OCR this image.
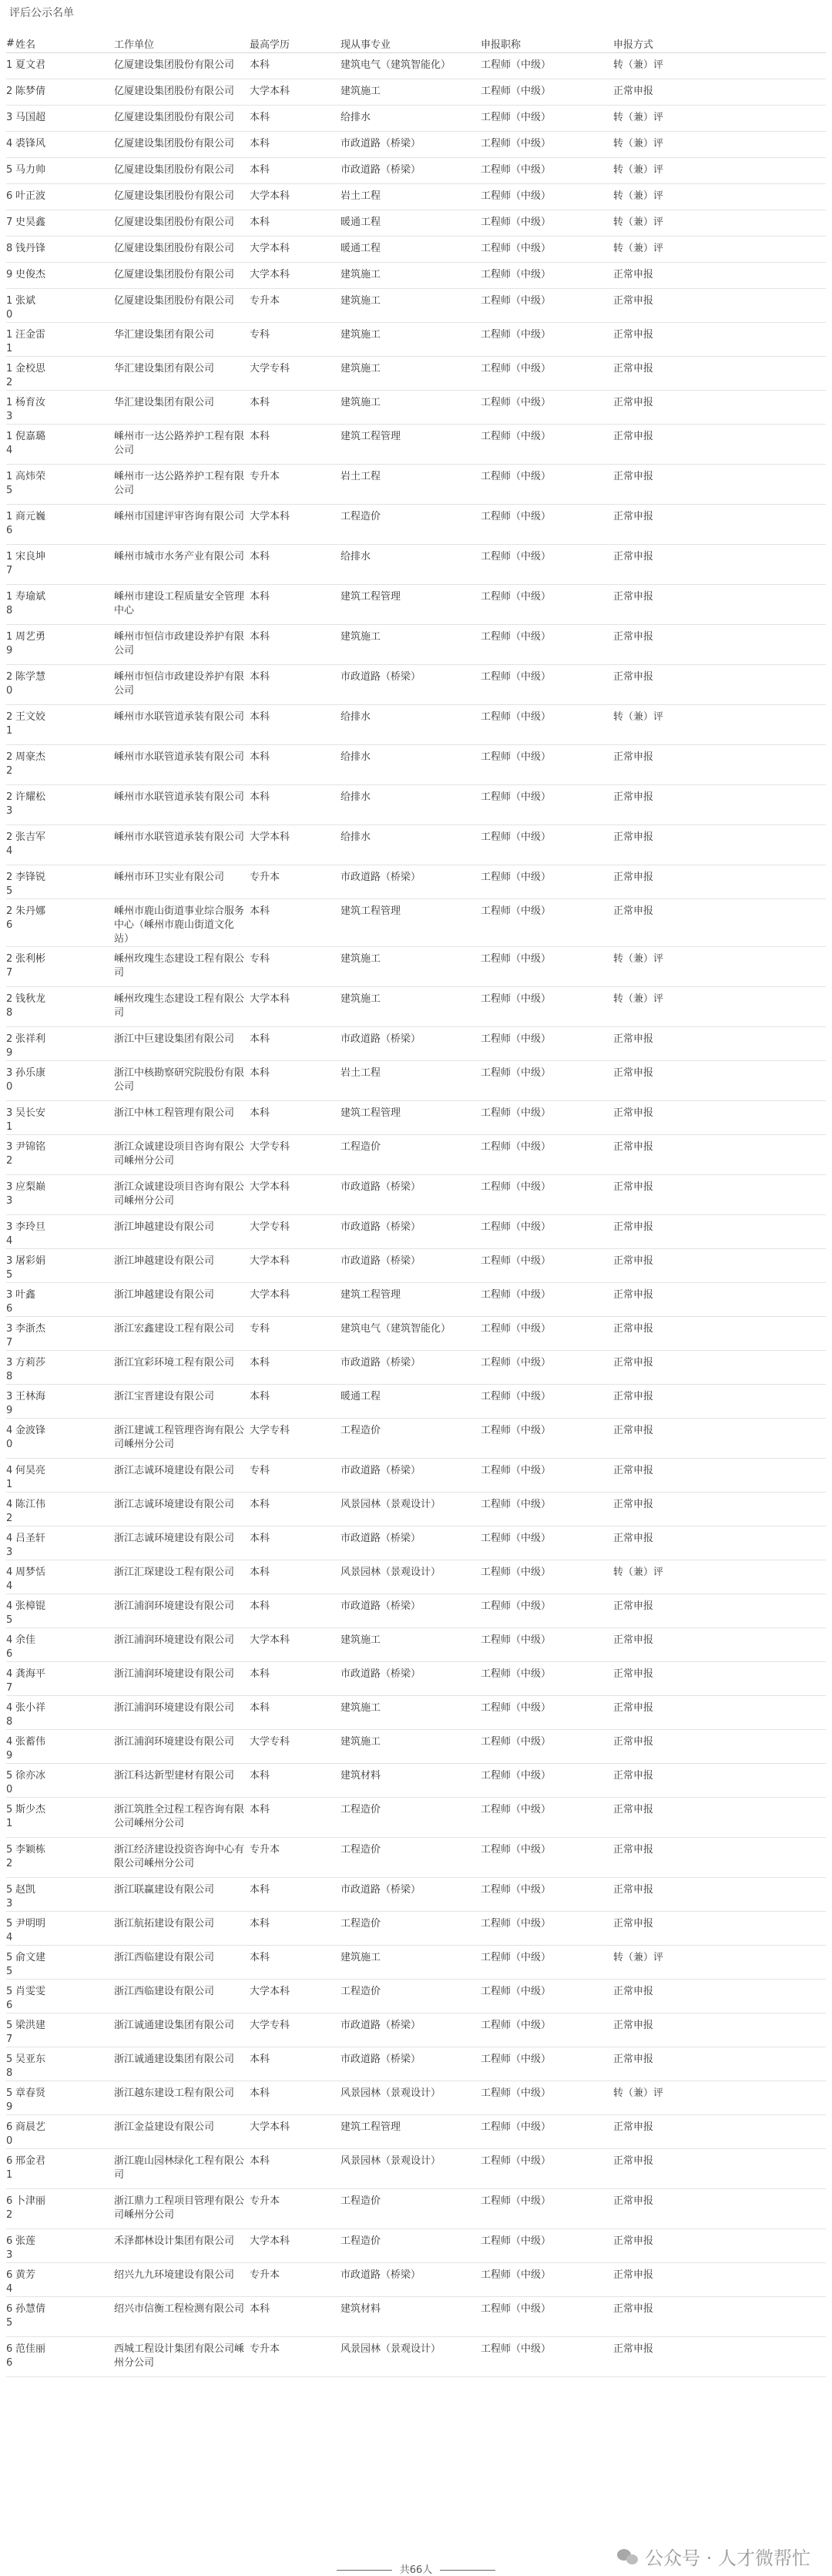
评后公示名单
#	姓名	工作单位	最高学历	现从事专业	申报职称	申报方式
1	夏文君	亿厦建设集团股份有限公司	本科	建筑电气（建筑智能化）	工程师（中级）	转（兼）评
2	陈梦倩	亿厦建设集团股份有限公司	大学本科	建筑施工	工程师（中级）	正常申报
3	马国超	亿厦建设集团股份有限公司	本科	给排水	工程师（中级）	转（兼）评
4	裘锋风	亿厦建设集团股份有限公司	本科	市政道路（桥梁）	工程师（中级）	转（兼）评
5	马力帅	亿厦建设集团股份有限公司	本科	市政道路（桥梁）	工程师（中级）	转（兼）评
6	叶正波	亿厦建设集团股份有限公司	大学本科	岩土工程	工程师（中级）	转（兼）评
7	史昊鑫	亿厦建设集团股份有限公司	本科	暖通工程	工程师（中级）	转（兼）评
8	钱丹锋	亿厦建设集团股份有限公司	大学本科	暖通工程	工程师（中级）	转（兼）评
9	史俊杰	亿厦建设集团股份有限公司	大学本科	建筑施工	工程师（中级）	正常申报
10	张斌	亿厦建设集团股份有限公司	专升本	建筑施工	工程师（中级）	正常申报
11	汪金雷	华汇建设集团有限公司	专科	建筑施工	工程师（中级）	正常申报
12	金校思	华汇建设集团有限公司	大学专科	建筑施工	工程师（中级）	正常申报
13	杨育汝	华汇建设集团有限公司	本科	建筑施工	工程师（中级）	正常申报
14	倪嘉璐	嵊州市一达公路养护工程有限公司	本科	建筑工程管理	工程师（中级）	正常申报
15	高炜荣	嵊州市一达公路养护工程有限公司	专升本	岩土工程	工程师（中级）	正常申报
16	商元巍	嵊州市国建评审咨询有限公司	大学本科	工程造价	工程师（中级）	正常申报
17	宋良坤	嵊州市城市水务产业有限公司	本科	给排水	工程师（中级）	正常申报
18	寿瑜斌	嵊州市建设工程质量安全管理中心	本科	建筑工程管理	工程师（中级）	正常申报
19	周艺勇	嵊州市恒信市政建设养护有限公司	本科	建筑施工	工程师（中级）	正常申报
20	陈学慧	嵊州市恒信市政建设养护有限公司	本科	市政道路（桥梁）	工程师（中级）	正常申报
21	王文姣	嵊州市水联管道承装有限公司	本科	给排水	工程师（中级）	转（兼）评
22	周豪杰	嵊州市水联管道承装有限公司	本科	给排水	工程师（中级）	正常申报
23	许耀松	嵊州市水联管道承装有限公司	本科	给排水	工程师（中级）	正常申报
24	张吉军	嵊州市水联管道承装有限公司	大学本科	给排水	工程师（中级）	正常申报
25	李锋锐	嵊州市环卫实业有限公司	专升本	市政道路（桥梁）	工程师（中级）	正常申报
26	朱丹娜	嵊州市鹿山街道事业综合服务中心（嵊州市鹿山街道文化站）	本科	建筑工程管理	工程师（中级）	正常申报
27	张利彬	嵊州玫瑰生态建设工程有限公司	专科	建筑施工	工程师（中级）	转（兼）评
28	钱秋龙	嵊州玫瑰生态建设工程有限公司	大学本科	建筑施工	工程师（中级）	转（兼）评
29	张祥利	浙江中巨建设集团有限公司	本科	市政道路（桥梁）	工程师（中级）	正常申报
30	孙乐康	浙江中核勘察研究院股份有限公司	本科	岩土工程	工程师（中级）	正常申报
31	吴长安	浙江中林工程管理有限公司	本科	建筑工程管理	工程师（中级）	正常申报
32	尹锦铭	浙江众诚建设项目咨询有限公司嵊州分公司	大学专科	工程造价	工程师（中级）	正常申报
33	应梨巅	浙江众诚建设项目咨询有限公司嵊州分公司	大学本科	市政道路（桥梁）	工程师（中级）	正常申报
34	李玲旦	浙江坤越建设有限公司	大学专科	市政道路（桥梁）	工程师（中级）	正常申报
35	屠彩娟	浙江坤越建设有限公司	大学本科	市政道路（桥梁）	工程师（中级）	正常申报
36	叶鑫	浙江坤越建设有限公司	大学本科	建筑工程管理	工程师（中级）	正常申报
37	李浙杰	浙江宏鑫建设工程有限公司	专科	建筑电气（建筑智能化）	工程师（中级）	正常申报
38	方莉莎	浙江宜彩环境工程有限公司	本科	市政道路（桥梁）	工程师（中级）	正常申报
39	王林海	浙江宝晋建设有限公司	本科	暖通工程	工程师（中级）	正常申报
40	金波锋	浙江建诚工程管理咨询有限公司嵊州分公司	大学专科	工程造价	工程师（中级）	正常申报
41	何昊亮	浙江志诚环境建设有限公司	专科	市政道路（桥梁）	工程师（中级）	正常申报
42	陈江伟	浙江志诚环境建设有限公司	本科	风景园林（景观设计）	工程师（中级）	正常申报
43	吕圣轩	浙江志诚环境建设有限公司	本科	市政道路（桥梁）	工程师（中级）	正常申报
44	周梦恬	浙江汇琛建设工程有限公司	本科	风景园林（景观设计）	工程师（中级）	转（兼）评
45	张樟锟	浙江浦润环境建设有限公司	本科	市政道路（桥梁）	工程师（中级）	正常申报
46	余佳	浙江浦润环境建设有限公司	大学本科	建筑施工	工程师（中级）	正常申报
47	龚海平	浙江浦润环境建设有限公司	本科	市政道路（桥梁）	工程师（中级）	正常申报
48	张小祥	浙江浦润环境建设有限公司	本科	建筑施工	工程师（中级）	正常申报
49	张蓄伟	浙江浦润环境建设有限公司	大学专科	建筑施工	工程师（中级）	正常申报
50	徐亦冰	浙江科达新型建材有限公司	本科	建筑材料	工程师（中级）	正常申报
51	斯少杰	浙江筑胜全过程工程咨询有限公司嵊州分公司	本科	工程造价	工程师（中级）	正常申报
52	李颖栋	浙江经济建设投资咨询中心有限公司嵊州分公司	专升本	工程造价	工程师（中级）	正常申报
53	赵凯	浙江联赢建设有限公司	本科	市政道路（桥梁）	工程师（中级）	正常申报
54	尹明明	浙江航拓建设有限公司	本科	工程造价	工程师（中级）	正常申报
55	俞文建	浙江西临建设有限公司	本科	建筑施工	工程师（中级）	转（兼）评
56	肖雯雯	浙江西临建设有限公司	大学本科	工程造价	工程师（中级）	正常申报
57	梁洪建	浙江诚通建设集团有限公司	大学专科	市政道路（桥梁）	工程师（中级）	正常申报
58	吴亚东	浙江诚通建设集团有限公司	本科	市政道路（桥梁）	工程师（中级）	正常申报
59	章春贤	浙江越东建设工程有限公司	本科	风景园林（景观设计）	工程师（中级）	转（兼）评
60	商晨艺	浙江金益建设有限公司	大学本科	建筑工程管理	工程师（中级）	正常申报
61	邢金君	浙江鹿山园林绿化工程有限公司	本科	风景园林（景观设计）	工程师（中级）	正常申报
62	卜津丽	浙江鼎力工程项目管理有限公司嵊州分公司	专升本	工程造价	工程师（中级）	正常申报
63	张莲	禾泽都林设计集团有限公司	大学本科	工程造价	工程师（中级）	正常申报
64	黄芳	绍兴九九环境建设有限公司	专升本	市政道路（桥梁）	工程师（中级）	正常申报
65	孙慧倩	绍兴市信衡工程检测有限公司	本科	建筑材料	工程师（中级）	正常申报
66	范佳丽	西城工程设计集团有限公司嵊州分公司	专升本	风景园林（景观设计）	工程师（中级）	正常申报
共66人
公众号 · 人才微帮忙
